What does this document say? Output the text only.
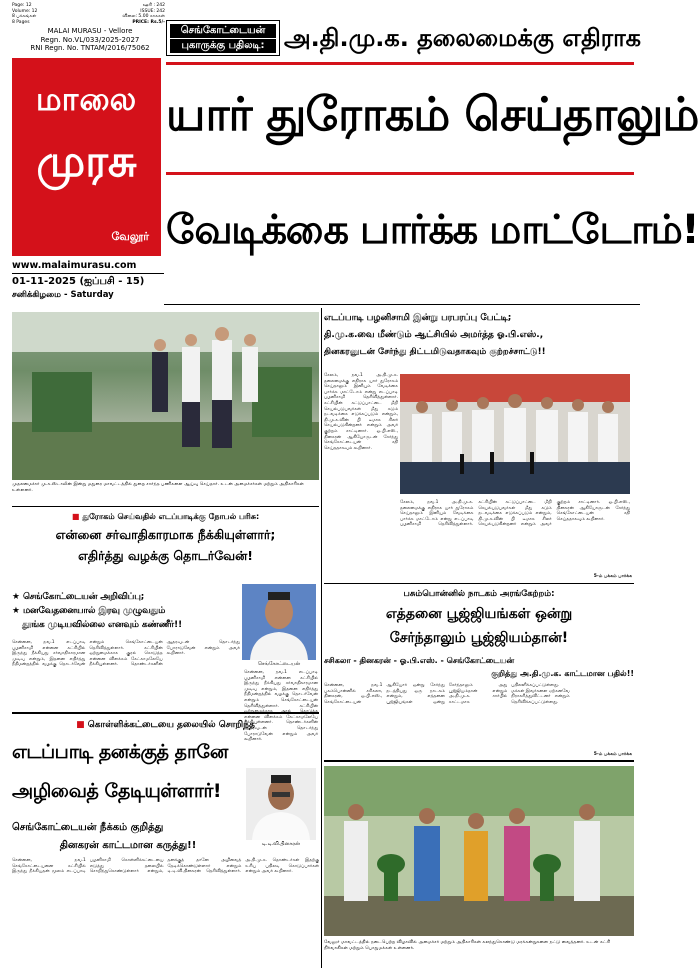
Page: 12
Volume: 12
8 பக்கங்கள்
8 Pages
ஊசி : 242
ISSUE: 242
விலை: 5.00 காசுகள்
PRICE: Rs.5/-
MALAI MURASU - Vellore
Regn. No.VL/033/2025-2027
RNI Regn. No. TNTAM/2016/75062
மாலை
முரசு
வேலூர்
www.malaimurasu.com
01-11-2025 (ஐப்பசி - 15)
சனிக்கிழமை - Saturday
செங்கோட்டையன்
புகாருக்கு பதிலடி: அ.தி.மு.க. தலைமைக்கு எதிராக
யார் துரோகம் செய்தாலும்
வேடிக்கை பார்க்க மாட்டோம்!
முதலமைச்சர் மு.க.ஸ்டாலின் இன்று மதுரை மாவட்டத்தில் துறை சார்ந்த பணிகளை ஆய்வு செய்தார். உடன் அமைச்சர்கள் மற்றும் அதிகாரிகள் உள்ளனர்.
■ துரோகம் செய்வதில் எடப்பாடிக்கு நோபல் பரிசு:
என்னை சர்வாதிகாரமாக நீக்கியுள்ளார்;
எதிர்த்து வழக்கு தொடர்வேன்!
★ செங்கோட்டையன் அறிவிப்பு;
★ மனவேதனையால் இரவு முழுவதும்
தூங்க முடியவில்லை எனவும் கண்ணீர்!!
செங்கோட்டையன்
சென்னை, நவ.1 எடப்பாடி பழனிசாமி என்னை கட்சியில் இருந்து நீக்கியது சர்வாதிகாரமான முடிவு என்றும், இதனை எதிர்த்து நீதிமன்றத்தில் வழக்கு தொடர்வேன் என்றும் செங்கோட்டையன் தெரிவித்துள்ளார். கட்சியின் ஒற்றுமைக்காக குரல் கொடுத்த என்னை விளக்கம் கேட்காமலேயே நீக்கியுள்ளனர். தொண்டர்களின் ஆதரவுடன் தொடர்ந்து போராடுவேன் என்றும் அவர் கூறினார்.
சென்னை, நவ.1 எடப்பாடி பழனிசாமி என்னை கட்சியில் இருந்து நீக்கியது சர்வாதிகாரமான முடிவு என்றும், இதனை எதிர்த்து நீதிமன்றத்தில் வழக்கு தொடர்வேன் என்றும் செங்கோட்டையன் தெரிவித்துள்ளார். கட்சியின் என்னை விளக்கம் கேட்காமலேயே நீக்கியுள்ளனர். தொண்டர்களின் ஆதரவுடன் தொடர்ந்து போராடுவேன் என்றும் அவர் கூறினார்.
எடப்பாடி பழனிசாமி இன்று பரபரப்பு பேட்டி;
தி.மு.க.வை மீண்டும் ஆட்சியில் அமர்த்த ஓ.பி.எஸ்.,
தினகரனுடன் சேர்ந்து திட்டமிடுவதாகவும் குற்றச்சாட்டு!!
சேலம், நவ.1 அ.தி.மு.க. தலைமைக்கு எதிராக யார் துரோகம் செய்தாலும் இனியும் வேடிக்கை பார்க்க மாட்டோம் என்று எடப்பாடி பழனிசாமி தெரிவித்துள்ளார். கட்சியின் கட்டுப்பாட்டை மீறி செயல்படுபவர்கள் மீது கடும் நடவடிக்கை எடுக்கப்படும் என்றும், தி.மு.க.வின் பி டீமாக சிலர் செயல்படுகின்றனர் என்றும் அவர் குற்றம் சாட்டினார். ஓ.பி.எஸ்., தினகரன் ஆகியோருடன் சேர்ந்து செங்கோட்டையன் சதி செய்ததாகவும் கூறினார்.
சேலம், நவ.1 அ.தி.மு.க. தலைமைக்கு எதிராக யார் துரோகம் செய்தாலும் இனியும் வேடிக்கை பார்க்க மாட்டோம் என்று எடப்பாடி பழனிசாமி தெரிவித்துள்ளார். கட்சியின் கட்டுப்பாட்டை மீறி செயல்படுபவர்கள் மீது கடும் நடவடிக்கை எடுக்கப்படும் என்றும், தி.மு.க.வின் பி டீமாக சிலர் செயல்படுகின்றனர் என்றும் அவர் குற்றம் சாட்டினார். ஓ.பி.எஸ்., தினகரன் ஆகியோருடன் சேர்ந்து செங்கோட்டையன் சதி செய்ததாகவும் கூறினார்.
5-ம் பக்கம் பார்க்க
பசும்பொன்னில் நாடகம் அரங்கேற்றம்:
எத்தனை பூஜ்ஜியங்கள் ஒன்று
சேர்ந்தாலும் பூஜ்ஜியம்தான்!
சசிகலா - தினகரன் - ஓ.பி.எஸ். - செங்கோட்டையன்
குறித்து அ.தி.மு.க. காட்டமான பதில்!!
சென்னை, நவ.1 பசும்பொன்னில் சசிகலா, தினகரன், ஓ.பி.எஸ்., செங்கோட்டையன் ஆகியோர் ஒன்று சேர்ந்து நடத்தியது ஒரு நாடகம் என்றும், எத்தனை பூஜ்ஜியங்கள் ஒன்று சேர்ந்தாலும் அது பூஜ்ஜியம்தான் என்றும் அ.தி.மு.க. சார்பில் காட்டமாக பதிலளிக்கப்பட்டுள்ளது. மக்கள் இவர்களை ஏற்கனவே நிராகரித்துவிட்டனர் என்றும் தெரிவிக்கப்பட்டுள்ளது.
5-ம் பக்கம் பார்க்க
■ கொள்ளிக்கட்டையை தலையில் சொறிந்த
எடப்பாடி தனக்குத் தானே
அழிவைத் தேடியுள்ளார்!
டி.டி.வி.தினகரன்
செங்கோட்டையன் நீக்கம் குறித்து
தினகரன் காட்டமான கருத்து!!
சென்னை, நவ.1 செங்கோட்டையனை கட்சியில் இருந்து நீக்கியதன் மூலம் எடப்பாடி பழனிசாமி கொள்ளிக்கட்டையை எடுத்து தலையில் சொறிந்துகொண்டுள்ளார் என்றும், தனக்குத் தானே அழிவைத் தேடிக்கொண்டுள்ளார் என்றும் டி.டி.வி.தினகரன் தெரிவித்துள்ளார். அ.தி.மு.க. தொண்டர்கள் இதற்கு உரிய பதிலடி கொடுப்பார்கள் என்றும் அவர் கூறினார்.
வேலூர் மாவட்டத்தில் நடைபெற்ற விழாவில் அமைச்சர் மற்றும் அதிகாரிகள் கலந்துகொண்டு மரக்கன்றுகளை நட்டு வைத்தனர். உடன் கட்சி நிர்வாகிகள் மற்றும் பொதுமக்கள் உள்ளனர்.
